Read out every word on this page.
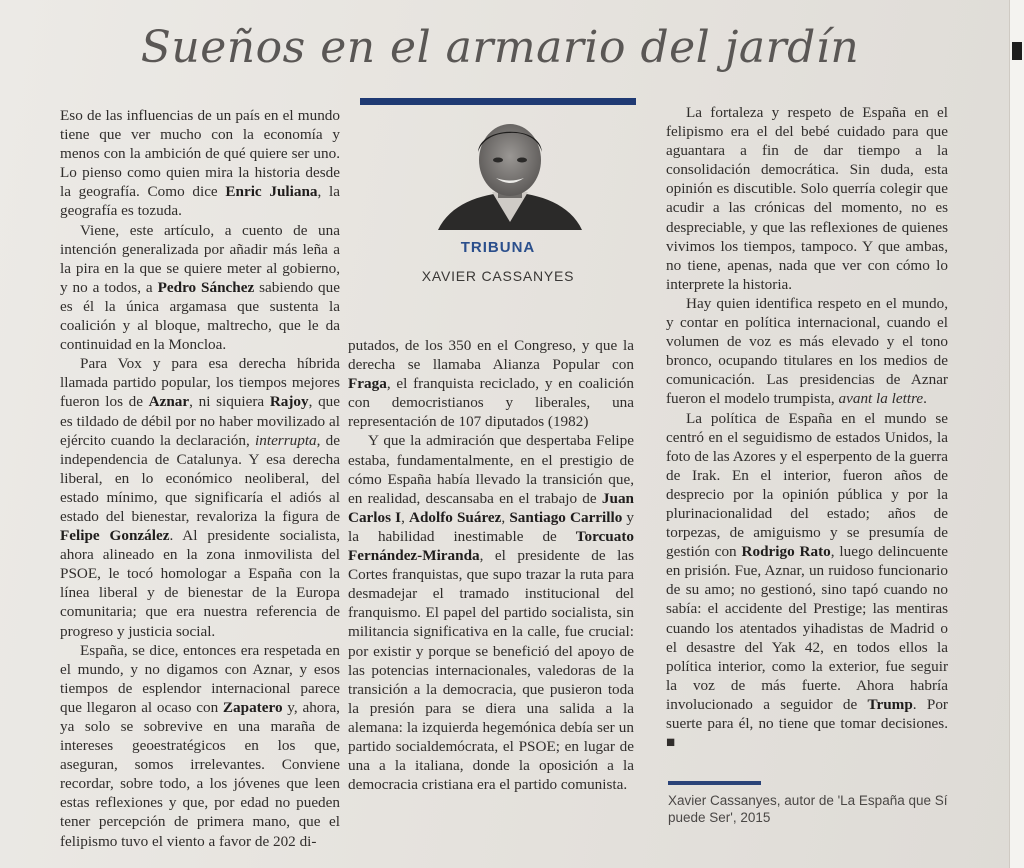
Sueños en el armario del jardín

Eso de las influencias de un país en el mundo tiene que ver mucho con la economía y menos con la ambición de qué quiere ser uno. Lo pienso como quien mira la historia desde la geografía. Como dice Enric Juliana, la geografía es tozuda.

Viene, este artículo, a cuento de una intención generalizada por añadir más leña a la pira en la que se quiere meter al gobierno, y no a todos, a Pedro Sánchez sabiendo que es él la única argamasa que sustenta la coalición y al bloque, maltrecho, que le da continuidad en la Moncloa.

Para Vox y para esa derecha híbrida llamada partido popular, los tiempos mejores fueron los de Aznar, ni siquiera Rajoy, que es tildado de débil por no haber movilizado al ejército cuando la declaración, interrupta, de independencia de Catalunya. Y esa derecha liberal, en lo económico neoliberal, del estado mínimo, que significaría el adiós al estado del bienestar, revaloriza la figura de Felipe González. Al presidente socialista, ahora alineado en la zona inmovilista del PSOE, le tocó homologar a España con la línea liberal y de bienestar de la Europa comunitaria; que era nuestra referencia de progreso y justicia social.

España, se dice, entonces era respetada en el mundo, y no digamos con Aznar, y esos tiempos de esplendor internacional parece que llegaron al ocaso con Zapatero y, ahora, ya solo se sobrevive en una maraña de intereses geoestratégicos en los que, aseguran, somos irrelevantes. Conviene recordar, sobre todo, a los jóvenes que leen estas reflexiones y que, por edad no pueden tener percepción de primera mano, que el felipismo tuvo el viento a favor de 202 di-

TRIBUNA
XAVIER CASSANYES

putados, de los 350 en el Congreso, y que la derecha se llamaba Alianza Popular con Fraga, el franquista reciclado, y en coalición con democristianos y liberales, una representación de 107 diputados (1982)

Y que la admiración que despertaba Felipe estaba, fundamentalmente, en el prestigio de cómo España había llevado la transición que, en realidad, descansaba en el trabajo de Juan Carlos I, Adolfo Suárez, Santiago Carrillo y la habilidad inestimable de Torcuato Fernández-Miranda, el presidente de las Cortes franquistas, que supo trazar la ruta para desmadejar el tramado institucional del franquismo. El papel del partido socialista, sin militancia significativa en la calle, fue crucial: por existir y porque se benefició del apoyo de las potencias internacionales, valedoras de la transición a la democracia, que pusieron toda la presión para se diera una salida a la alemana: la izquierda hegemónica debía ser un partido socialdemócrata, el PSOE; en lugar de una a la italiana, donde la oposición a la democracia cristiana era el partido comunista.

La fortaleza y respeto de España en el felipismo era el del bebé cuidado para que aguantara a fin de dar tiempo a la consolidación democrática. Sin duda, esta opinión es discutible. Solo querría colegir que acudir a las crónicas del momento, no es despreciable, y que las reflexiones de quienes vivimos los tiempos, tampoco. Y que ambas, no tiene, apenas, nada que ver con cómo lo interprete la historia.

Hay quien identifica respeto en el mundo, y contar en política internacional, cuando el volumen de voz es más elevado y el tono bronco, ocupando titulares en los medios de comunicación. Las presidencias de Aznar fueron el modelo trumpista, avant la lettre.

La política de España en el mundo se centró en el seguidismo de estados Unidos, la foto de las Azores y el esperpento de la guerra de Irak. En el interior, fueron años de desprecio por la opinión pública y por la plurinacionalidad del estado; años de torpezas, de amiguismo y se presumía de gestión con Rodrigo Rato, luego delincuente en prisión. Fue, Aznar, un ruidoso funcionario de su amo; no gestionó, sino tapó cuando no sabía: el accidente del Prestige; las mentiras cuando los atentados yihadistas de Madrid o el desastre del Yak 42, en todos ellos la política interior, como la exterior, fue seguir la voz de más fuerte. Ahora habría involucionado a seguidor de Trump. Por suerte para él, no tiene que tomar decisiones. ■

Xavier Cassanyes, autor de 'La España que Sí puede Ser', 2015
